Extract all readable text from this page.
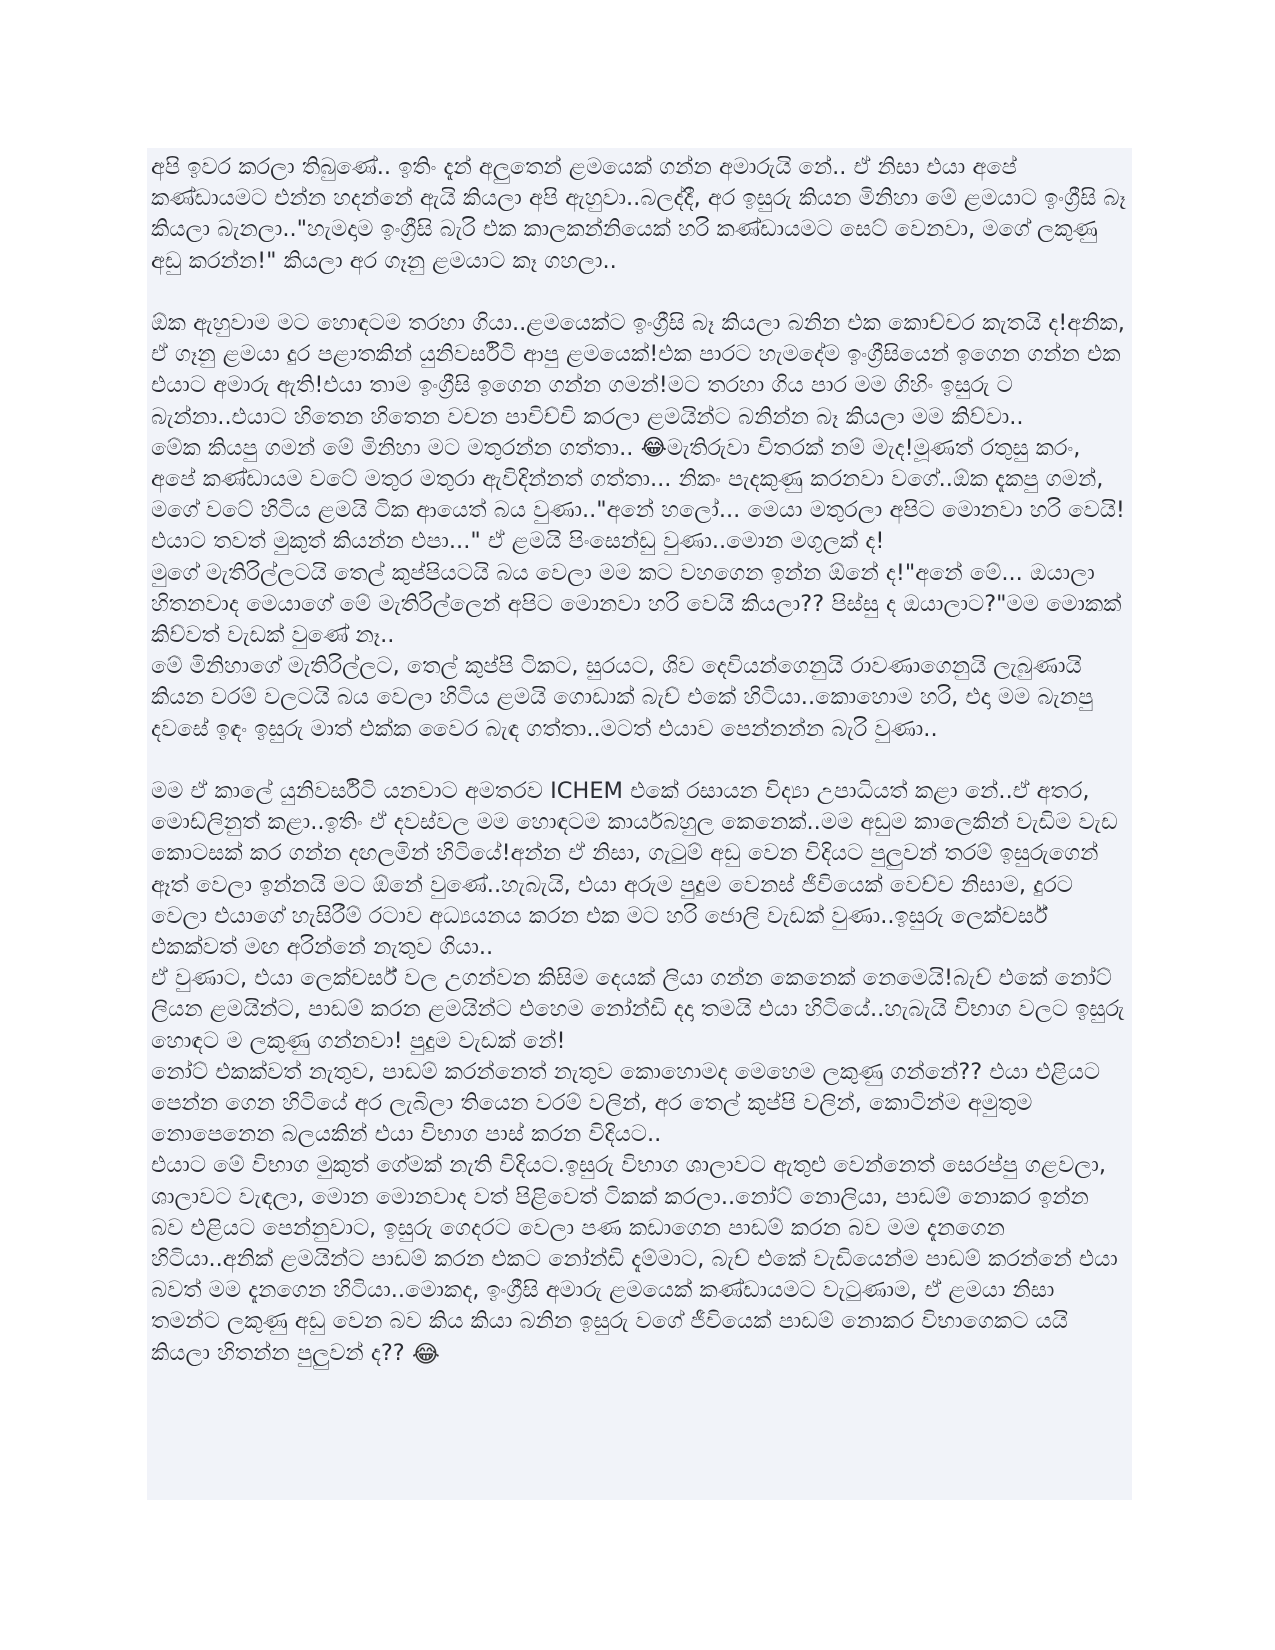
අපි ඉවර කරලා තිබුණේ.. ඉතිං දැන් අලුතෙන් ළමයෙක් ගන්න අමාරුයි නේ.. ඒ නිසා එයා අපේ කණ්ඩායමට එන්න හදන්නේ ඇයි කියලා අපි ඇහුවා..බලද්දී, අර ඉසුරු කියන මිනිහා මේ ළමයාට ඉංග්‍රීසි බෑ කියලා බැනලා.."හැමදාම ඉංග්‍රීසි බැරි එක කාලකන්නියෙක් හරි කණ්ඩායමට සෙට් වෙනවා, මගේ ලකුණු අඩු කරන්න!" කියලා අර ගෑනු ළමයාට කෑ ගහලා..

ඕක ඇහුවාම මට හොඳටම තරහා ගියා..ළමයෙක්ට ඉංග්‍රීසි බෑ කියලා බනින එක කොච්චර කැතයි ද!අනික, ඒ ගෑනු ළමයා දුර පළාතකින් යුනිවර්සිටි ආපු ළමයෙක්!එක පාරට හැමදේම ඉංග්‍රීසියෙන් ඉගෙන ගන්න එක එයාට අමාරු ඇති!එයා තාම ඉංග්‍රීසි ඉගෙන ගන්න ගමන්!මට තරහා ගිය පාර මම ගිහිං ඉසුරු ට බැන්නා..එයාට හිතෙන හිතෙන වචන පාවිච්චි කරලා ළමයින්ට බනින්න බෑ කියලා මම කිව්වා..

මේක කියපු ගමන් මේ මිනිහා මට මතුරන්න ගත්තා.. 😂මැතිරුවා විතරක් නම් මැද!මූණත් රතුසු කරං, අපේ කණ්ඩායම වටේ මතුර මතුරා ඇවිදින්නත් ගත්තා... නිකං පැදකුණු කරනවා වගේ..ඕක දැකපු ගමන්, මගේ වටේ හිටිය ළමයි ටික ආයෙත් බය වුණා.."අනේ හලෝ... මෙයා මතුරලා අපිට මොනවා හරි වෙයි! එයාට තවත් මුකුත් කියන්න එපා..." ඒ ළමයි පිංසෙන්ඩු වුණා..මොන මගුලක් ද!

මුගේ මැතිරිල්ලටයි තෙල් කුප්පියටයි බය වෙලා මම කට වහගෙන ඉන්න ඕනේ ද!"අනේ මේ... ඔයාලා හිතනවාද මෙයාගේ මේ මැතිරිල්ලෙන් අපිට මොනවා හරි වෙයි කියලා?? පිස්සු ද ඔයාලාට?"මම මොකක් කිව්වත් වැඩක් වුණේ නෑ..

මේ මිනිහාගේ මැතිරිල්ලට, තෙල් කුප්පි ටිකට, සුරයට, ශිව දෙවියන්ගෙනුයි රාවණාගෙනුයි ලැබුණායි කියන වරම් වලටයි බය වෙලා හිටිය ළමයි ගොඩාක් බැච් එකේ හිටියා..කොහොම හරි, එදා මම බැනපු දවසේ ඉඳං ඉසුරු මාත් එක්ක වෛර බැඳ ගත්තා..මටත් එයාව පෙන්නන්න බැරි වුණා..

මම ඒ කාලේ යුනිවර්සිටි යනවාට අමතරව ICHEM එකේ රසායන විද්‍යා උපාධියත් කළා නේ..ඒ අතර, මොඩ්ලිනුත් කළා..ඉතිං ඒ දවස්වල මම හොඳටම කාර්යබහුල කෙනෙක්..මම අඩුම කාලෙකින් වැඩිම වැඩ කොටසක් කර ගන්න දඟලමින් හිටියේ!අන්න ඒ නිසා, ගැටුම් අඩු වෙන විදියට පුලුවන් තරම් ඉසුරුගෙන් ඈත් වෙලා ඉන්නයි මට ඕනේ වුණේ..හැබැයි, එයා අරුම පුදුම වෙනස් ජීවියෙක් වෙච්ච නිසාම, දුරට වෙලා එයාගේ හැසිරීම් රටාව අධ්‍යයනය කරන එක මට හරි ජොලි වැඩක් වුණා..ඉසුරු ලෙක්චර්ස් එකක්වත් මඟ අරින්නේ නැතුව ගියා..

ඒ වුණාට, එයා ලෙක්චර්ස් වල උගන්වන කිසිම දෙයක් ලියා ගන්න කෙනෙක් නෙමෙයි!බැච් එකේ නෝට් ලියන ළමයින්ට, පාඩම් කරන ළමයින්ට එහෙම නෝන්ඩි දදා තමයි එයා හිටියේ..හැබැයි විභාග වලට ඉසුරු හොඳට ම ලකුණු ගන්නවා! පුදුම වැඩක් නේ!

නෝට් එකක්වත් නැතුව, පාඩම් කරන්නෙත් නැතුව කොහොමද මෙහෙම ලකුණු ගන්නේ?? එයා එළියට පෙන්න ගෙන හිටියේ අර ලැබිලා තියෙන වරම් වලින්, අර තෙල් කුප්පි වලින්, කොටින්ම අමුතුම නොපෙනෙන බලයකින් එයා විභාග පාස් කරන විදියට..

එයාට මේ විභාග මුකුත් ගේමක් නැති විදියට.ඉසුරු විභාග ශාලාවට ඇතුළු වෙන්නෙත් සෙරප්පු ගළවලා, ශාලාවට වැඳලා, මොන මොනවාද වත් පිළිවෙත් ටිකක් කරලා..නෝට් නොලියා, පාඩම් නොකර ඉන්න බව එළියට පෙන්නුවාට, ඉසුරු ගෙදරට වෙලා පණ කඩාගෙන පාඩම් කරන බව මම දැනගෙන හිටියා..අනික් ළමයින්ට පාඩම් කරන එකට නෝන්ඩි දැම්මාට, බැච් එකේ වැඩියෙන්ම පාඩම් කරන්නේ එයා බවත් මම දැනගෙන හිටියා..මොකද, ඉංග්‍රීසි අමාරු ළමයෙක් කණ්ඩායමට වැටුණාම, ඒ ළමයා නිසා තමන්ට ලකුණු අඩු වෙන බව කිය කියා බනින ඉසුරු වගේ ජීවියෙක් පාඩම් නොකර විභාගෙකට යයි කියලා හිතන්න පුලුවන් ද?? 😂
